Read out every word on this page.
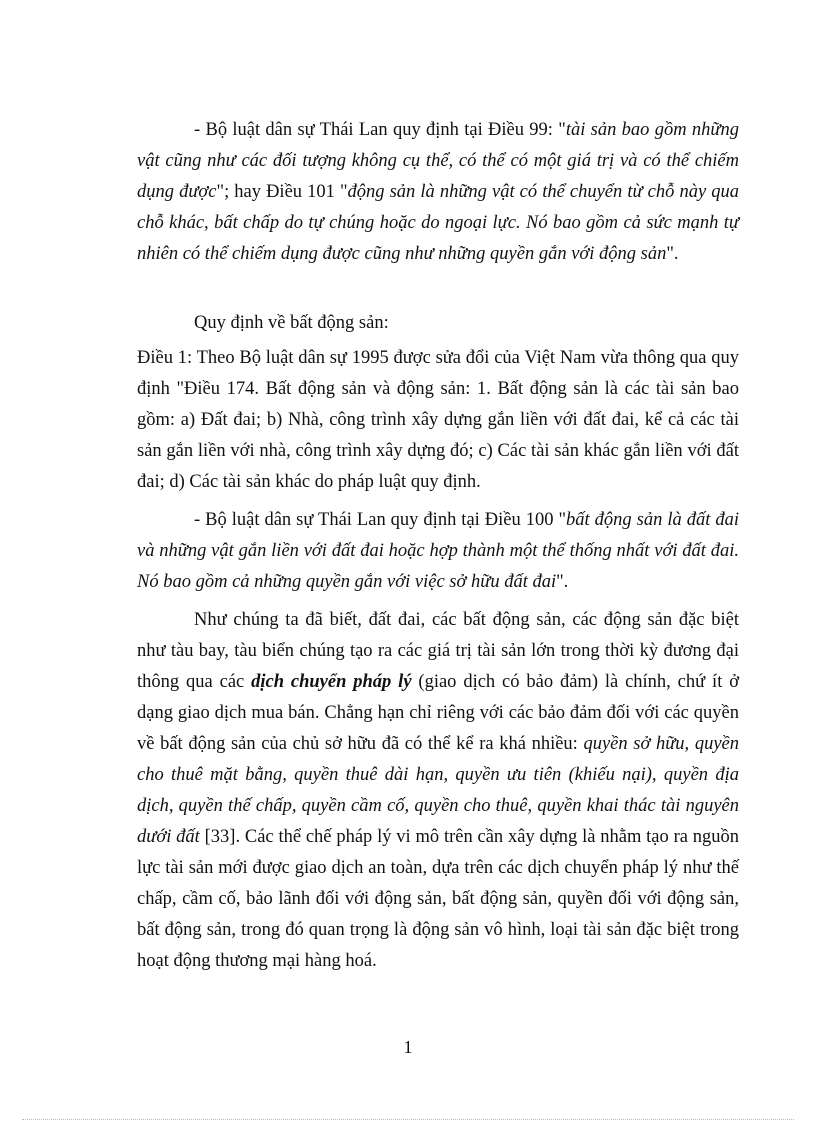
- Bộ luật dân sự Thái Lan quy định tại Điều 99: "tài sản bao gồm những vật cũng như các đối tượng không cụ thể, có thể có một giá trị và có thể chiếm dụng được"; hay Điều 101 "động sản là những vật có thể chuyển từ chỗ này qua chỗ khác, bất chấp do tự chúng hoặc do ngoại lực. Nó bao gồm cả sức mạnh tự nhiên có thể chiếm dụng được cũng như những quyền gắn với động sản".

Quy định về bất động sản:

Điều 1: Theo Bộ luật dân sự 1995 được sửa đổi của Việt Nam vừa thông qua quy định "Điều 174. Bất động sản và động sản: 1. Bất động sản là các tài sản bao gồm: a) Đất đai; b) Nhà, công trình xây dựng gắn liền với đất đai, kể cả các tài sản gắn liền với nhà, công trình xây dựng đó; c) Các tài sản khác gắn liền với đất đai; d) Các tài sản khác do pháp luật quy định.

- Bộ luật dân sự Thái Lan quy định tại Điều 100 "bất động sản là đất đai và những vật gắn liền với đất đai hoặc hợp thành một thể thống nhất với đất đai. Nó bao gồm cả những quyền gắn với việc sở hữu đất đai".

Như chúng ta đã biết, đất đai, các bất động sản, các động sản đặc biệt như tàu bay, tàu biển chúng tạo ra các giá trị tài sản lớn trong thời kỳ đương đại thông qua các dịch chuyển pháp lý (giao dịch có bảo đảm) là chính, chứ ít ở dạng giao dịch mua bán. Chẳng hạn chỉ riêng với các bảo đảm đối với các quyền về bất động sản của chủ sở hữu đã có thể kể ra khá nhiều: quyền sở hữu, quyền cho thuê mặt bằng, quyền thuê dài hạn, quyền ưu tiên (khiếu nại), quyền địa dịch, quyền thế chấp, quyền cầm cố, quyền cho thuê, quyền khai thác tài nguyên dưới đất [33]. Các thể chế pháp lý vi mô trên cần xây dựng là nhằm tạo ra nguồn lực tài sản mới được giao dịch an toàn, dựa trên các dịch chuyển pháp lý như thế chấp, cầm cố, bảo lãnh đối với động sản, bất động sản, quyền đối với động sản, bất động sản, trong đó quan trọng là động sản vô hình, loại tài sản đặc biệt trong hoạt động thương mại hàng hoá.

1
